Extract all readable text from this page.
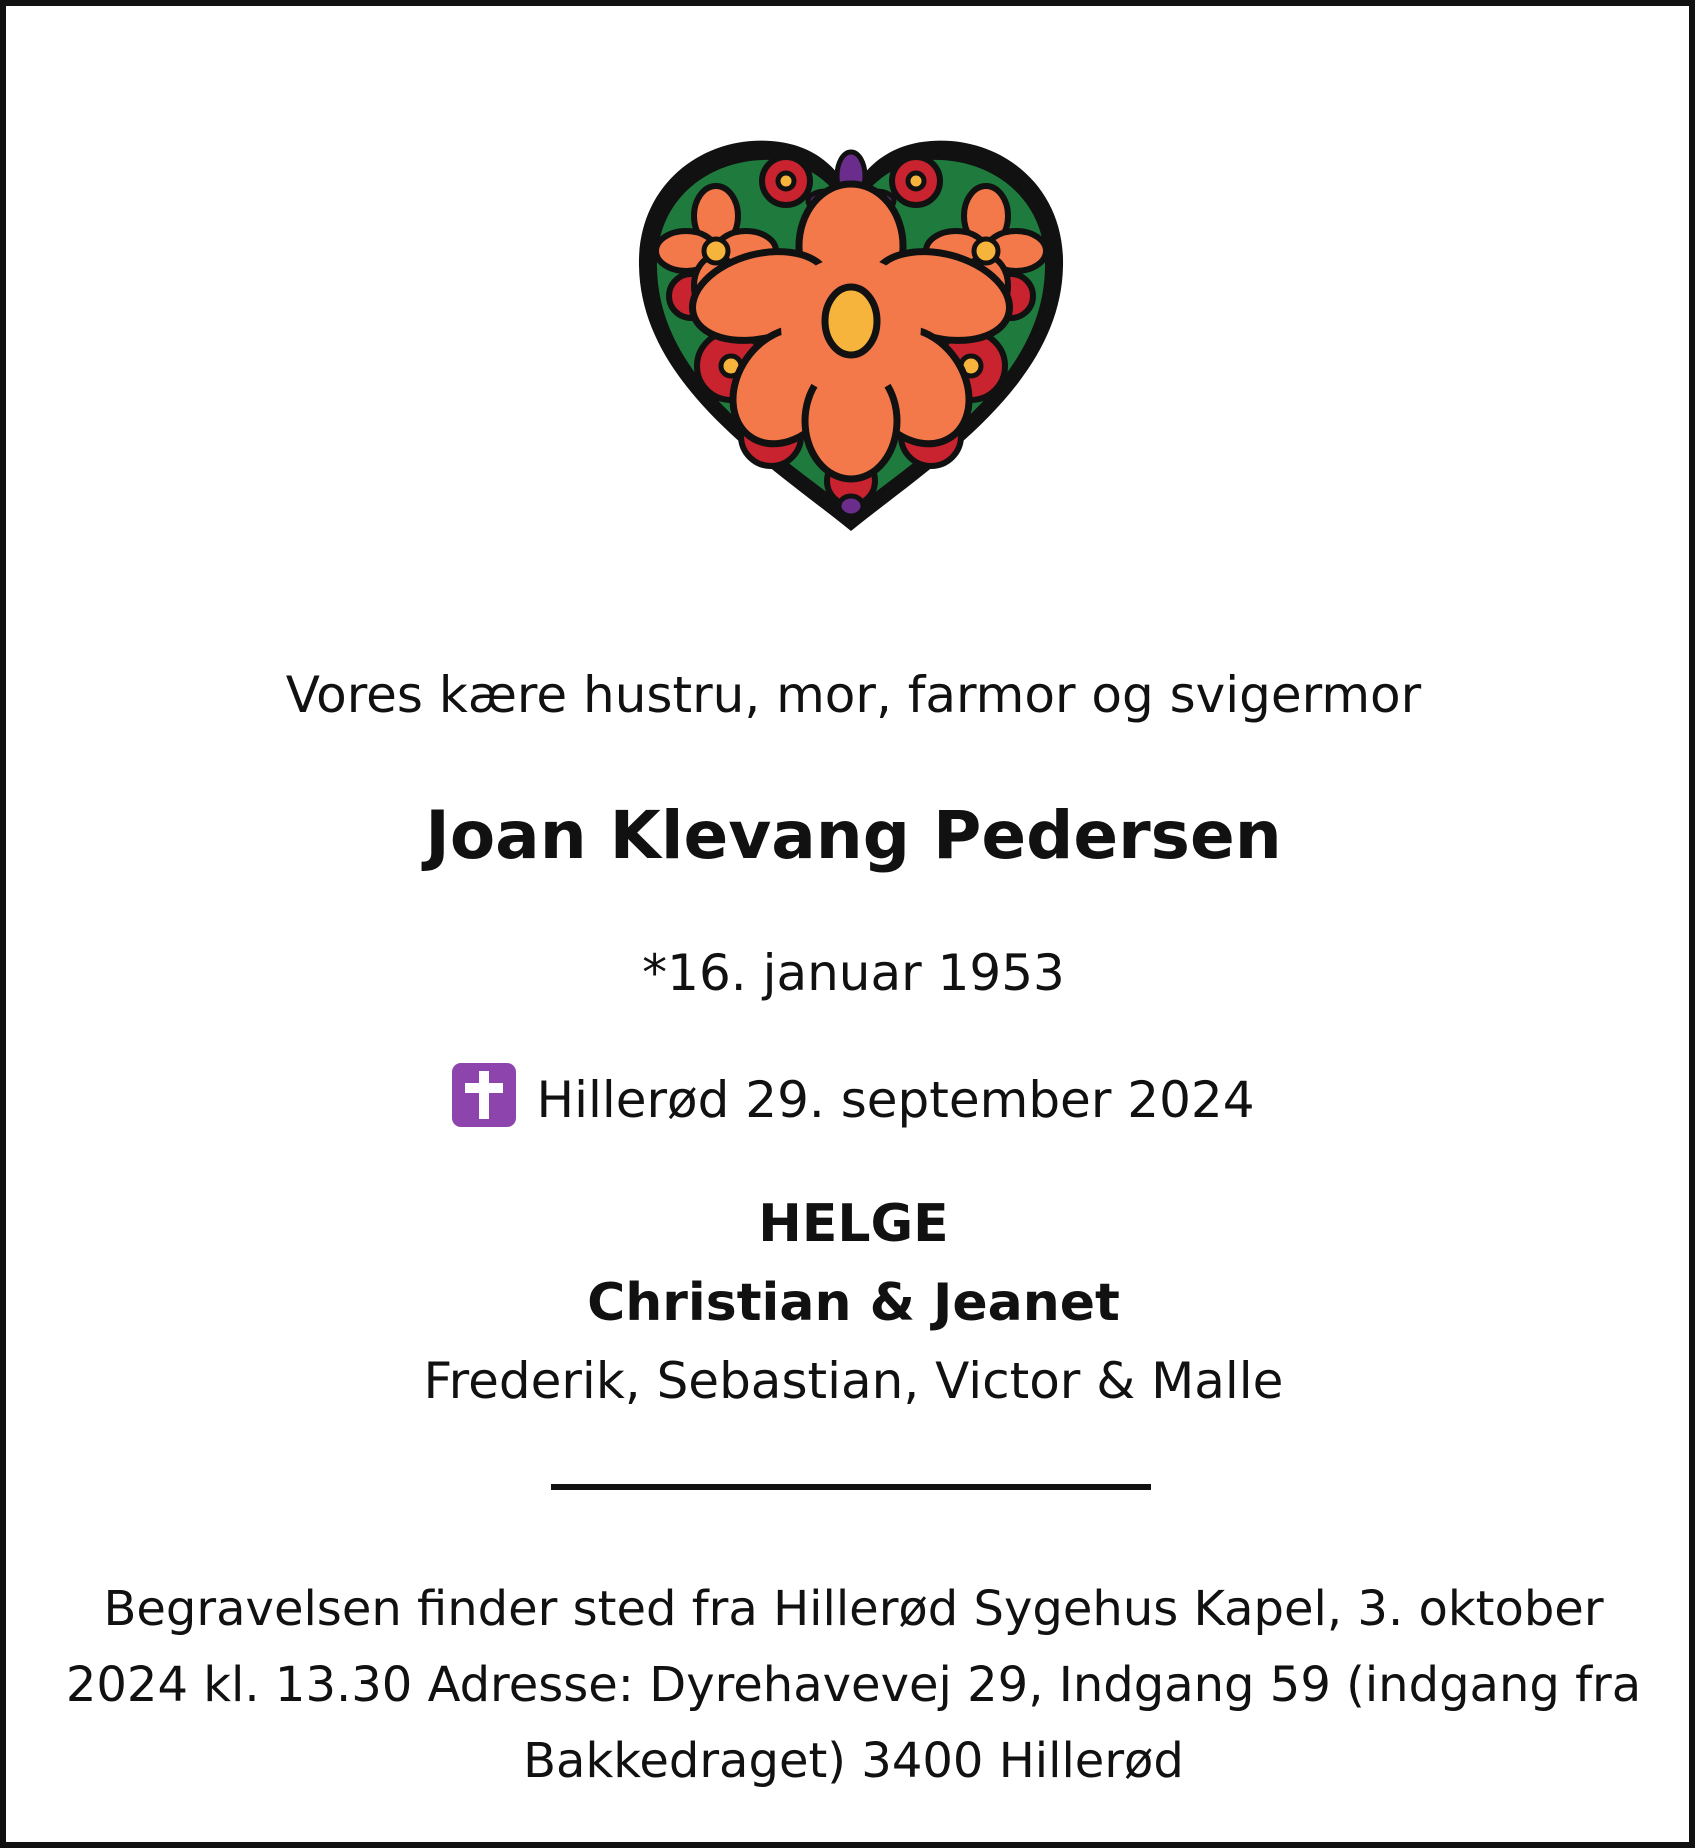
Vores kære hustru, mor, farmor og svigermor
Joan Klevang Pedersen
*16. januar 1953
Hillerød 29. september 2024
HELGE
Christian & Jeanet
Frederik, Sebastian, Victor & Malle
Begravelsen finder sted fra Hillerød Sygehus Kapel, 3. oktober
2024 kl. 13.30 Adresse: Dyrehavevej 29, Indgang 59 (indgang fra
Bakkedraget) 3400 Hillerød
